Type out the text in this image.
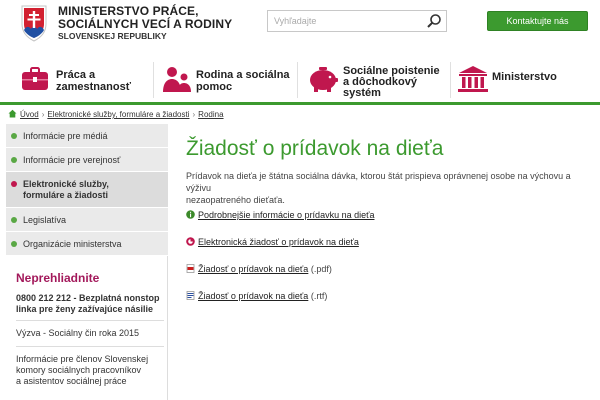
MINISTERSTVO PRÁCE,
SOCIÁLNYCH VECÍ A RODINY
SLOVENSKEJ REPUBLIKY
Vyhľadajte
Kontaktujte nás
Práca a
zamestnanosť
Rodina a sociálna
pomoc
Sociálne poistenie
a dôchodkový
systém
Ministerstvo
Úvod › Elektronické služby, formuláre a žiadosti › Rodina
Informácie pre médiá
Informácie pre verejnosť
Elektronické služby,
formuláre a žiadosti
Legislatíva
Organizácie ministerstva
Neprehliadnite
0800 212 212 - Bezplatná nonstop
linka pre ženy zažívajúce násilie
Výzva - Sociálny čin roka 2015
Informácie pre členov Slovenskej
komory sociálnych pracovníkov
a asistentov sociálnej práce
Žiadosť o prídavok na dieťa
Prídavok na dieťa je štátna sociálna dávka, ktorou štát prispieva oprávnenej osobe na výchovu a výživu
nezaopatreného dieťaťa.
Podrobnejšie informácie o prídavku na dieťa
Elektronická žiadosť o prídavok na dieťa
Žiadosť o prídavok na dieťa (.pdf)
Žiadosť o prídavok na dieťa (.rtf)
